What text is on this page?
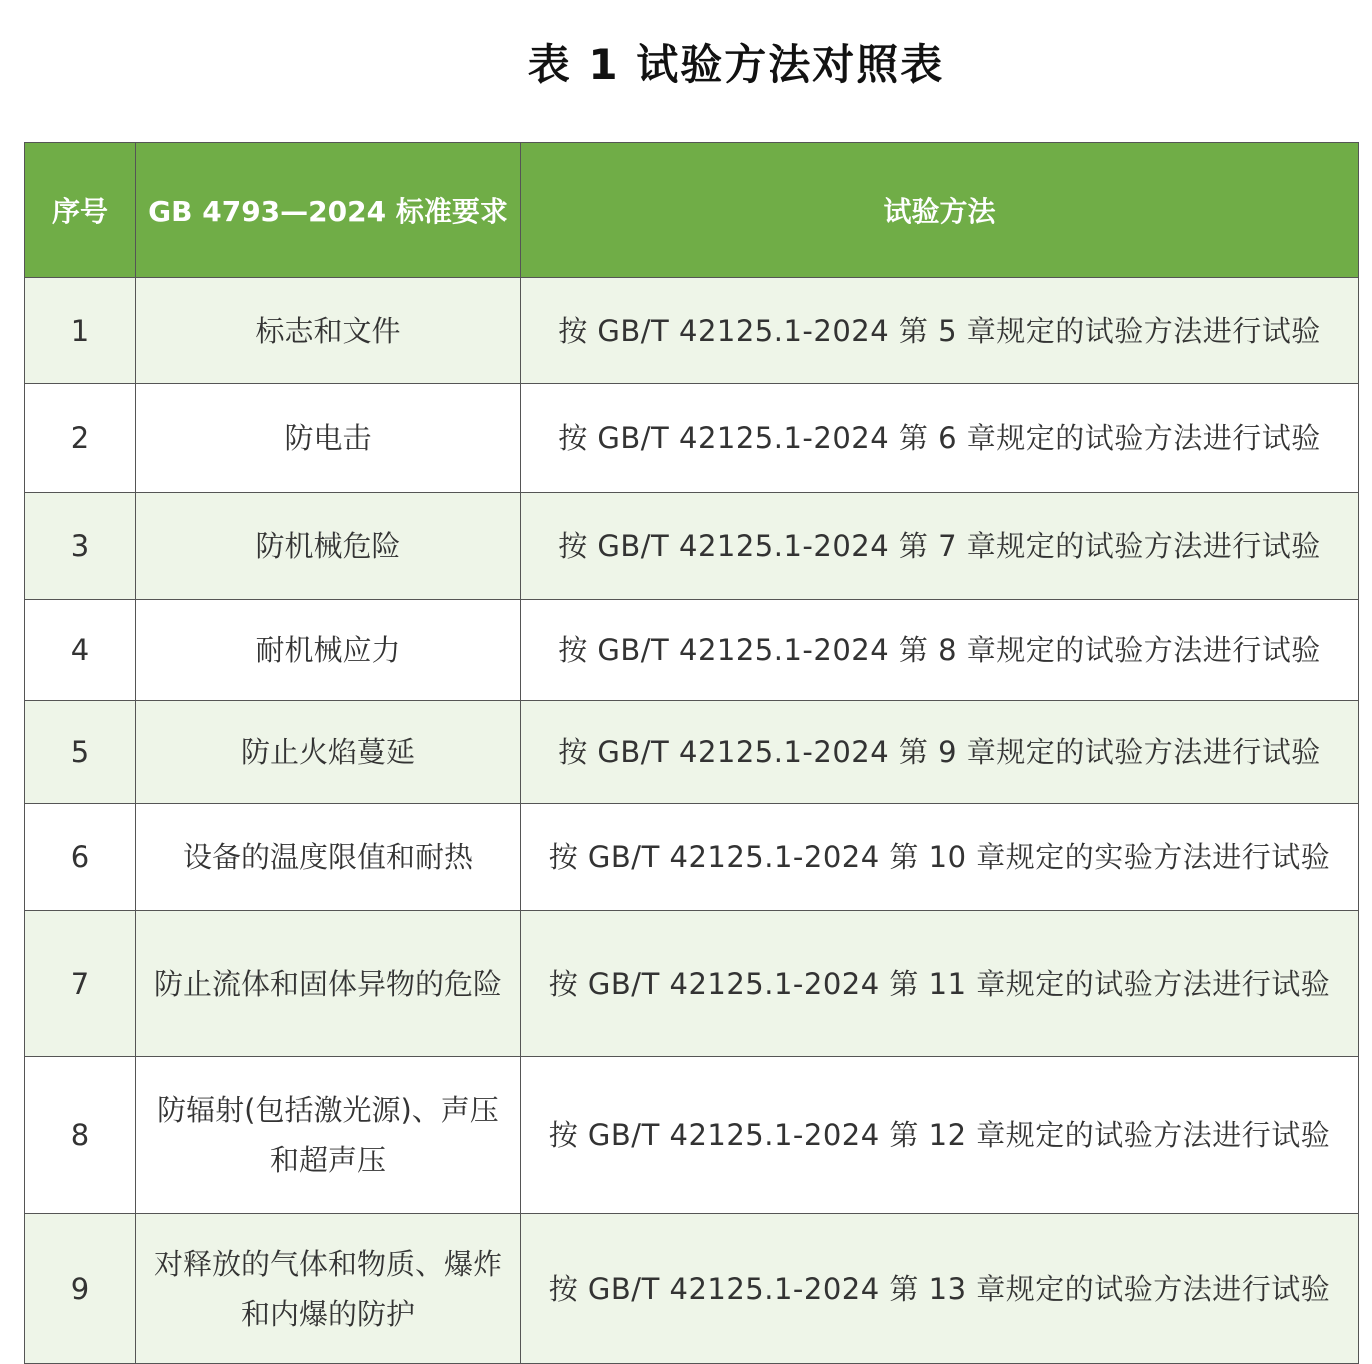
表 1 试验方法对照表
序号	GB 4793—2024 标准要求	试验方法
1	标志和文件	按 GB/T 42125.1-2024 第 5 章规定的试验方法进行试验
2	防电击	按 GB/T 42125.1-2024 第 6 章规定的试验方法进行试验
3	防机械危险	按 GB/T 42125.1-2024 第 7 章规定的试验方法进行试验
4	耐机械应力	按 GB/T 42125.1-2024 第 8 章规定的试验方法进行试验
5	防止火焰蔓延	按 GB/T 42125.1-2024 第 9 章规定的试验方法进行试验
6	设备的温度限值和耐热	按 GB/T 42125.1-2024 第 10 章规定的实验方法进行试验
7	防止流体和固体异物的危险	按 GB/T 42125.1-2024 第 11 章规定的试验方法进行试验
8	防辐射(包括激光源)、声压和超声压	按 GB/T 42125.1-2024 第 12 章规定的试验方法进行试验
9	对释放的气体和物质、爆炸和内爆的防护	按 GB/T 42125.1-2024 第 13 章规定的试验方法进行试验
